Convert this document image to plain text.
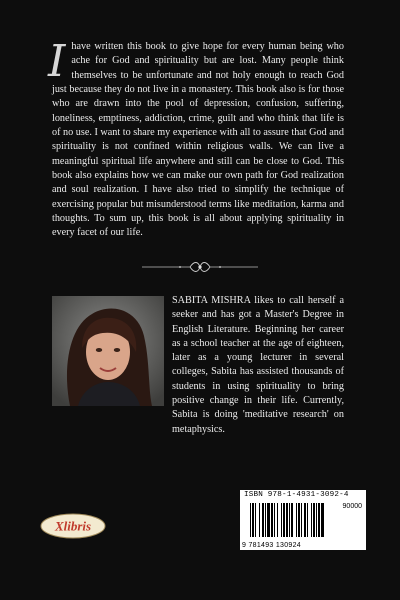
Ihave written this book to give hope for every human being who ache for God and spirituality but are lost. Many people think themselves to be unfortunate and not holy enough to reach God just because they do not live in a monastery. This book also is for those who are drawn into the pool of depression, confusion, suffering, loneliness, emptiness, addiction, crime, guilt and who think that life is of no use. I want to share my experience with all to assure that God and spirituality is not confined within religious walls. We can live a meaningful spiritual life anywhere and still can be close to God. This book also explains how we can make our own path for God realization and soul realization. I have also tried to simplify the technique of exercising popular but misunderstood terms like meditation, karma and thoughts. To sum up, this book is all about applying spirituality in every facet of our life.

SABITA MISHRA likes to call herself a seeker and has got a Master's Degree in English Literature. Beginning her career as a school teacher at the age of eighteen, later as a young lecturer in several colleges, Sabita has assisted thousands of students in using spirituality to bring positive change in their life. Currently, Sabita is doing 'meditative research' on metaphysics.

Xlibris
ISBN 978-1-4931-3092-4
90000
9 781493 130924
